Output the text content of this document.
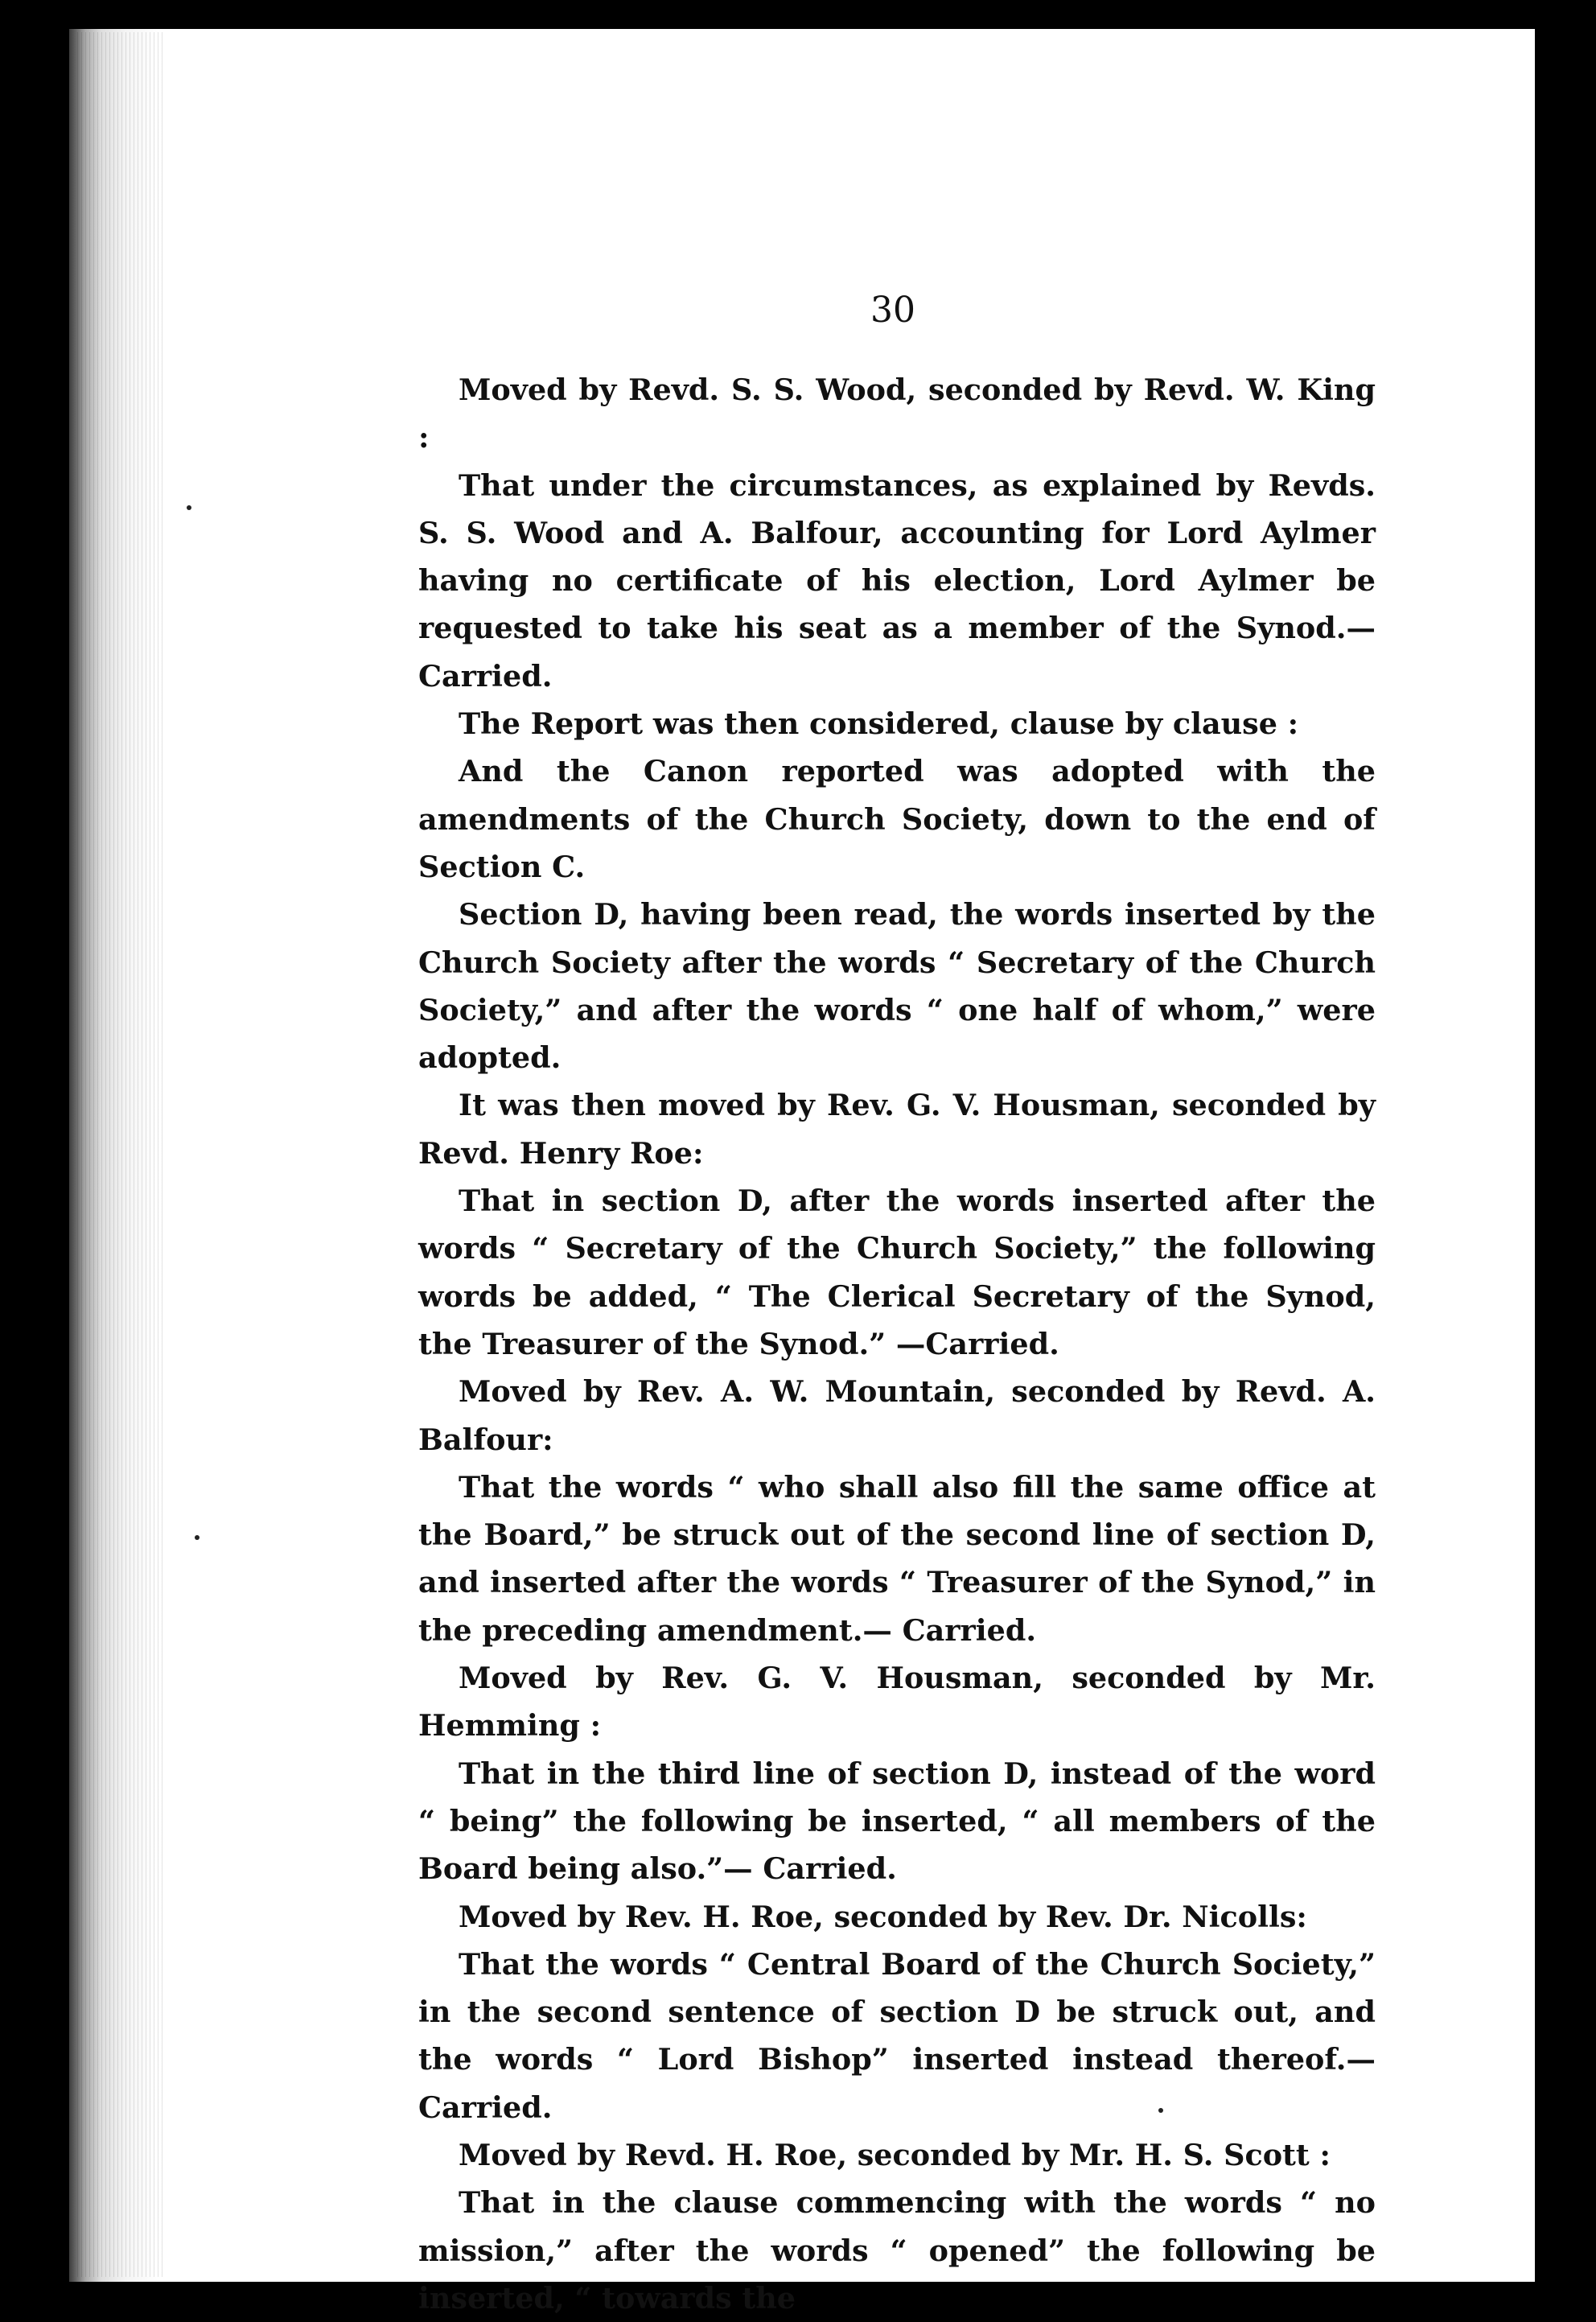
30

Moved by Revd. S. S. Wood, seconded by Revd. W. King :

That under the circumstances, as explained by Revds. S. S. Wood and A. Balfour, accounting for Lord Aylmer having no certificate of his election, Lord Aylmer be requested to take his seat as a member of the Synod.—Carried.

The Report was then considered, clause by clause :

And the Canon reported was adopted with the amendments of the Church Society, down to the end of Section C.

Section D, having been read, the words inserted by the Church Society after the words “ Secretary of the Church Society,” and after the words “ one half of whom,” were adopted.

It was then moved by Rev. G. V. Housman, seconded by Revd. Henry Roe:

That in section D, after the words inserted after the words “ Secretary of the Church Society,” the following words be added, “ The Clerical Secretary of the Synod, the Treasurer of the Synod.” —Carried.

Moved by Rev. A. W. Mountain, seconded by Revd. A. Balfour:

That the words “ who shall also fill the same office at the Board,” be struck out of the second line of section D, and inserted after the words “ Treasurer of the Synod,” in the preceding amendment.— Carried.

Moved by Rev. G. V. Housman, seconded by Mr. Hemming :

That in the third line of section D, instead of the word “ being” the following be inserted, “ all members of the Board being also.”— Carried.

Moved by Rev. H. Roe, seconded by Rev. Dr. Nicolls:

That the words “ Central Board of the Church Society,” in the second sentence of section D be struck out, and the words “ Lord Bishop” inserted instead thereof.—Carried.

Moved by Revd. H. Roe, seconded by Mr. H. S. Scott :

That in the clause commencing with the words “ no mission,” after the words “ opened” the following be inserted, “ towards the
